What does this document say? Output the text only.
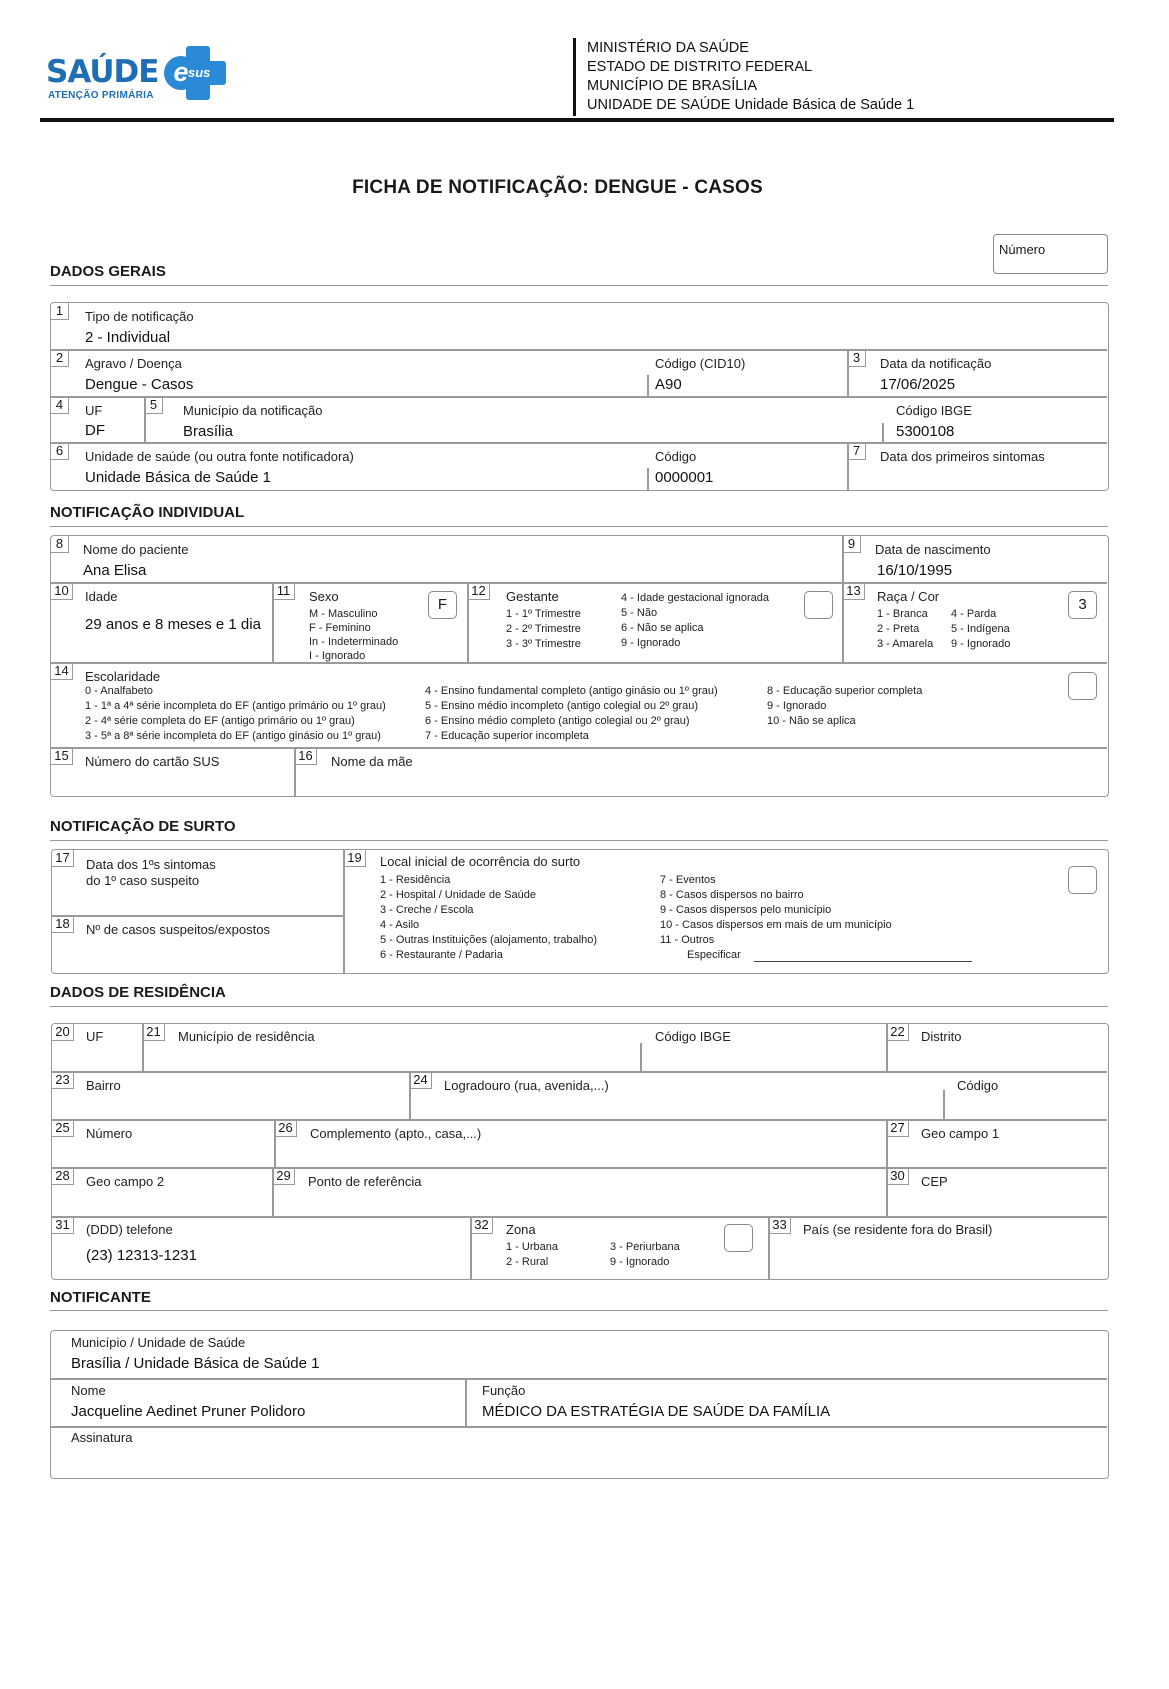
SAÚDE e sus
ATENÇÃO PRIMÁRIA
MINISTÉRIO DA SAÚDE
ESTADO DE DISTRITO FEDERAL
MUNICÍPIO DE BRASÍLIA
UNIDADE DE SAÚDE Unidade Básica de Saúde 1
FICHA DE NOTIFICAÇÃO: DENGUE - CASOS
Número
DADOS GERAIS
1	Tipo de notificação
2 - Individual
2	Agravo / Doença
Dengue - Casos
Código (CID10)
A90
3	Data da notificação
17/06/2025
4	UF
DF
5	Município da notificação
Brasília
Código IBGE
5300108
6	Unidade de saúde (ou outra fonte notificadora)
Unidade Básica de Saúde 1
Código
0000001
7	Data dos primeiros sintomas
NOTIFICAÇÃO INDIVIDUAL
8	Nome do paciente
Ana Elisa
9	Data de nascimento
16/10/1995
10	Idade
29 anos e 8 meses e 1 dia
11	Sexo
M - Masculino
F - Feminino
In - Indeterminado
I - Ignorado
F
12	Gestante
1 - 1º Trimestre
2 - 2º Trimestre
3 - 3º Trimestre
4 - Idade gestacional ignorada
5 - Não
6 - Não se aplica
9 - Ignorado
13	Raça / Cor
1 - Branca
2 - Preta
3 - Amarela
4 - Parda
5 - Indígena
9 - Ignorado
3
14	Escolaridade
0 - Analfabeto
1 - 1ª a 4ª série incompleta do EF (antigo primário ou 1º grau)
2 - 4ª série completa do EF (antigo primário ou 1º grau)
3 - 5ª a 8ª série incompleta do EF (antigo ginásio ou 1º grau)
4 - Ensino fundamental completo (antigo ginásio ou 1º grau)
5 - Ensino médio incompleto (antigo colegial ou 2º grau)
6 - Ensino médio completo (antigo colegial ou 2º grau)
7 - Educação superior incompleta
8 - Educação superior completa
9 - Ignorado
10 - Não se aplica
15	Número do cartão SUS	16	Nome da mãe
NOTIFICAÇÃO DE SURTO
17	Data dos 1ºs sintomas
do 1º caso suspeito
18	Nº de casos suspeitos/expostos
19	Local inicial de ocorrência do surto
1 - Residência
2 - Hospital / Unidade de Saúde
3 - Creche / Escola
4 - Asilo
5 - Outras Instituições (alojamento, trabalho)
6 - Restaurante / Padaria
7 - Eventos
8 - Casos dispersos no bairro
9 - Casos dispersos pelo município
10 - Casos dispersos em mais de um município
11 - Outros
Especificar
DADOS DE RESIDÊNCIA
20	UF	21	Município de residência	Código IBGE	22	Distrito
23	Bairro	24	Logradouro (rua, avenida,...)	Código
25	Número	26	Complemento (apto., casa,...)	27	Geo campo 1
28	Geo campo 2	29	Ponto de referência	30	CEP
31	(DDD) telefone
(23) 12313-1231
32	Zona
1 - Urbana
2 - Rural
3 - Periurbana
9 - Ignorado
33	País (se residente fora do Brasil)
NOTIFICANTE
Município / Unidade de Saúde
Brasília / Unidade Básica de Saúde 1
Nome
Jacqueline Aedinet Pruner Polidoro
Função
MÉDICO DA ESTRATÉGIA DE SAÚDE DA FAMÍLIA
Assinatura
